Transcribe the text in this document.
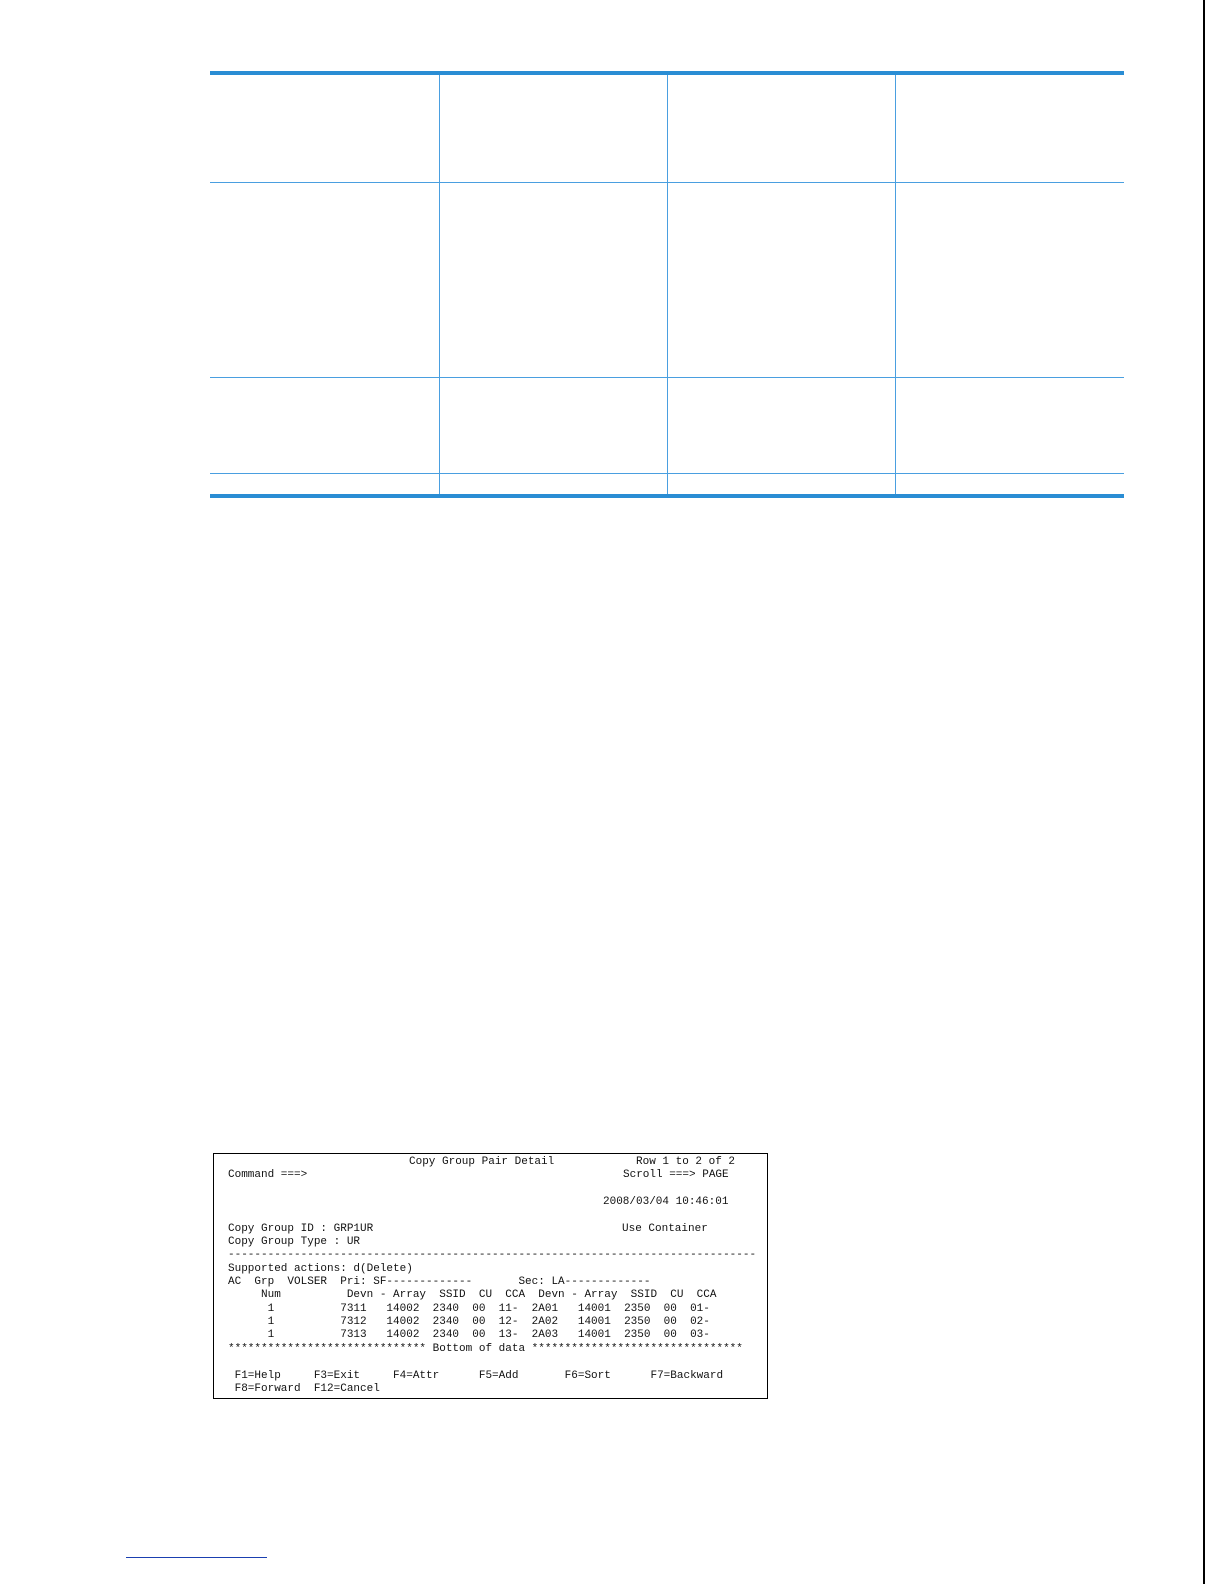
Copy Group Pair Detail	Row 1 to 2 of 2
Command ===>	Scroll ===> PAGE
2008/03/04 10:46:01
Copy Group ID : GRP1UR	Use Container
Copy Group Type : UR
--------------------------------------------------------------------------------
Supported actions: d(Delete)
AC  Grp  VOLSER  Pri: SF-------------       Sec: LA-------------
Num          Devn - Array  SSID  CU  CCA  Devn - Array  SSID  CU  CCA
1          7311   14002  2340  00  11-  2A01   14001  2350  00  01-
1          7312   14002  2340  00  12-  2A02   14001  2350  00  02-
1          7313   14002  2340  00  13-  2A03   14001  2350  00  03-
****************************** Bottom of data ********************************
F1=Help     F3=Exit     F4=Attr      F5=Add       F6=Sort      F7=Backward
F8=Forward  F12=Cancel
